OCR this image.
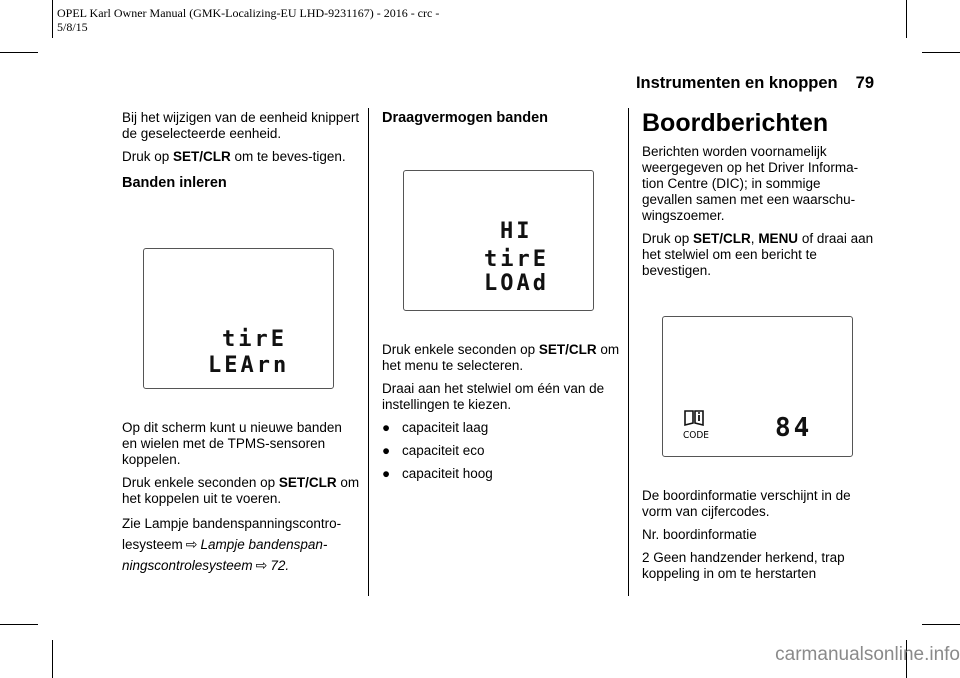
OPEL Karl Owner Manual (GMK-Localizing-EU LHD-9231167) - 2016 - crc -
5/8/15
Instrumenten en knoppen 79

Bij het wijzigen van de eenheid knippert de geselecteerde eenheid.

Druk op SET/CLR om te beves-tigen.

Banden inleren
tirE
LEArn

Op dit scherm kunt u nieuwe banden en wielen met de TPMS-sensoren koppelen.

Druk enkele seconden op SET/CLR om het koppelen uit te voeren.

Zie Lampje bandenspanningscontro-lesysteem ⇨ Lampje bandenspan-ningscontrolesysteem ⇨ 72.

Draagvermogen banden
HI
tirE
LOAd

Druk enkele seconden op SET/CLR om het menu te selecteren.

Draai aan het stelwiel om één van de instellingen te kiezen.

● capaciteit laag
● capaciteit eco
● capaciteit hoog
Boordberichten

Berichten worden voornamelijk weergegeven op het Driver Informa-tion Centre (DIC); in sommige gevallen samen met een waarschu-wingszoemer.

Druk op SET/CLR, MENU of draai aan het stelwiel om een bericht te bevestigen.

CODE	84

De boordinformatie verschijnt in de vorm van cijfercodes.

Nr. boordinformatie

2 Geen handzender herkend, trap koppeling in om te herstarten

carmanualsonline.info
